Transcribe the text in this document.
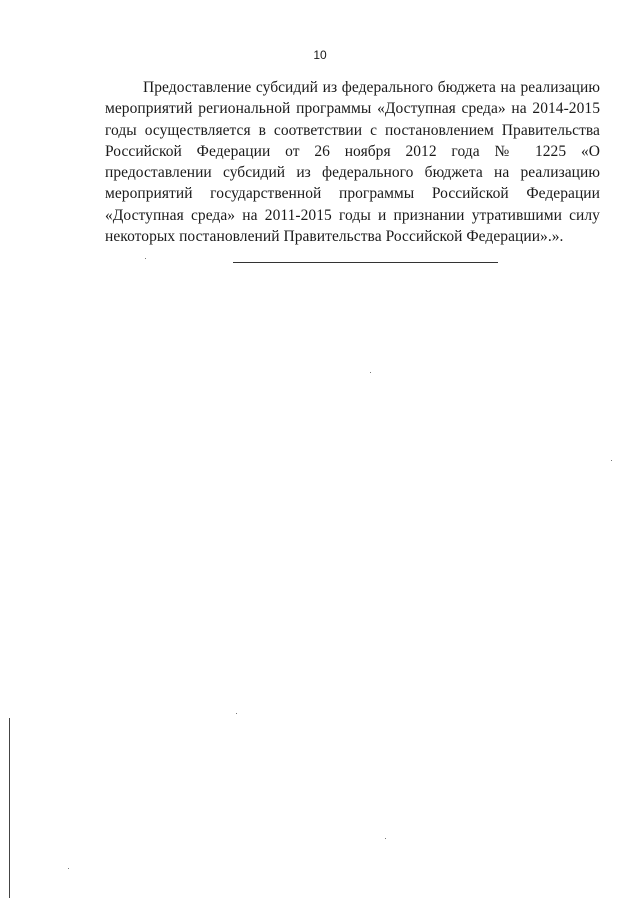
10

Предоставление субсидий из федерального бюджета на реализацию мероприятий региональной программы «Доступная среда» на 2014-2015 годы осуществляется в соответствии с постановлением Правительства Российской Федерации от 26 ноября 2012 года № 1225 «О предоставлении субсидий из федерального бюджета на реализацию мероприятий государственной программы Российской Федерации «Доступная среда» на 2011-2015 годы и признании утратившими силу некоторых постановлений Правительства Российской Федерации».».
